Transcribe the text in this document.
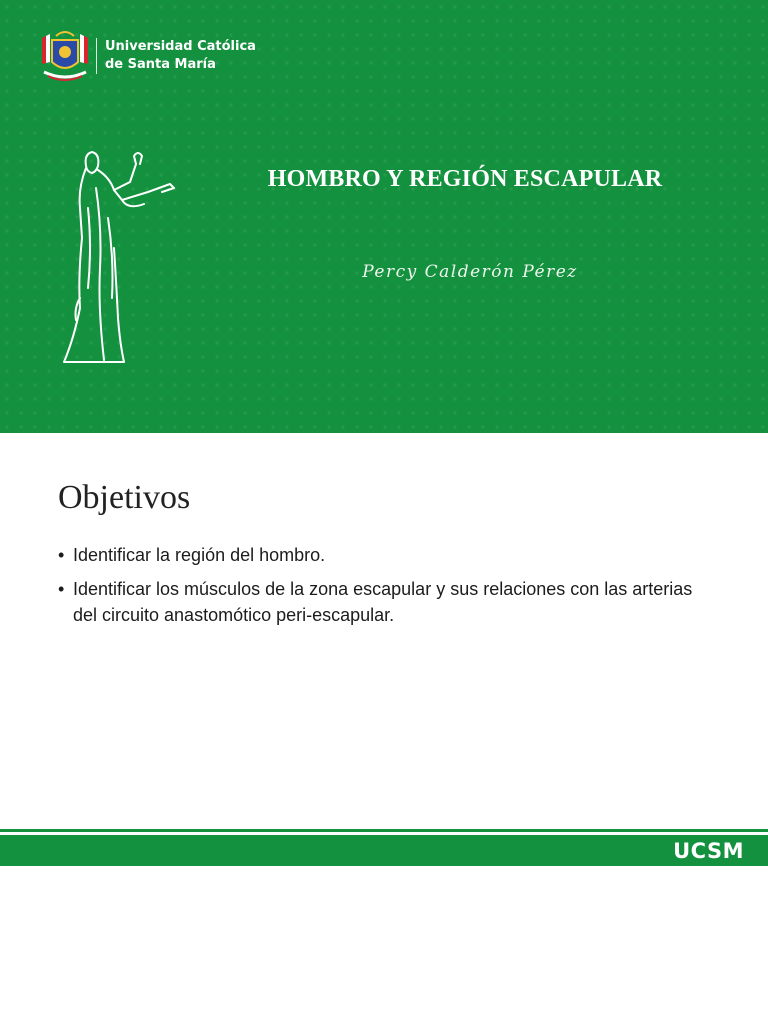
Universidad Católica
de Santa María
HOMBRO Y REGIÓN ESCAPULAR
Percy Calderón Pérez
Objetivos
• Identificar la región del hombro.
• Identificar los músculos de la zona escapular y sus relaciones con las arterias del circuito anastomótico peri-escapular.
UCSM
